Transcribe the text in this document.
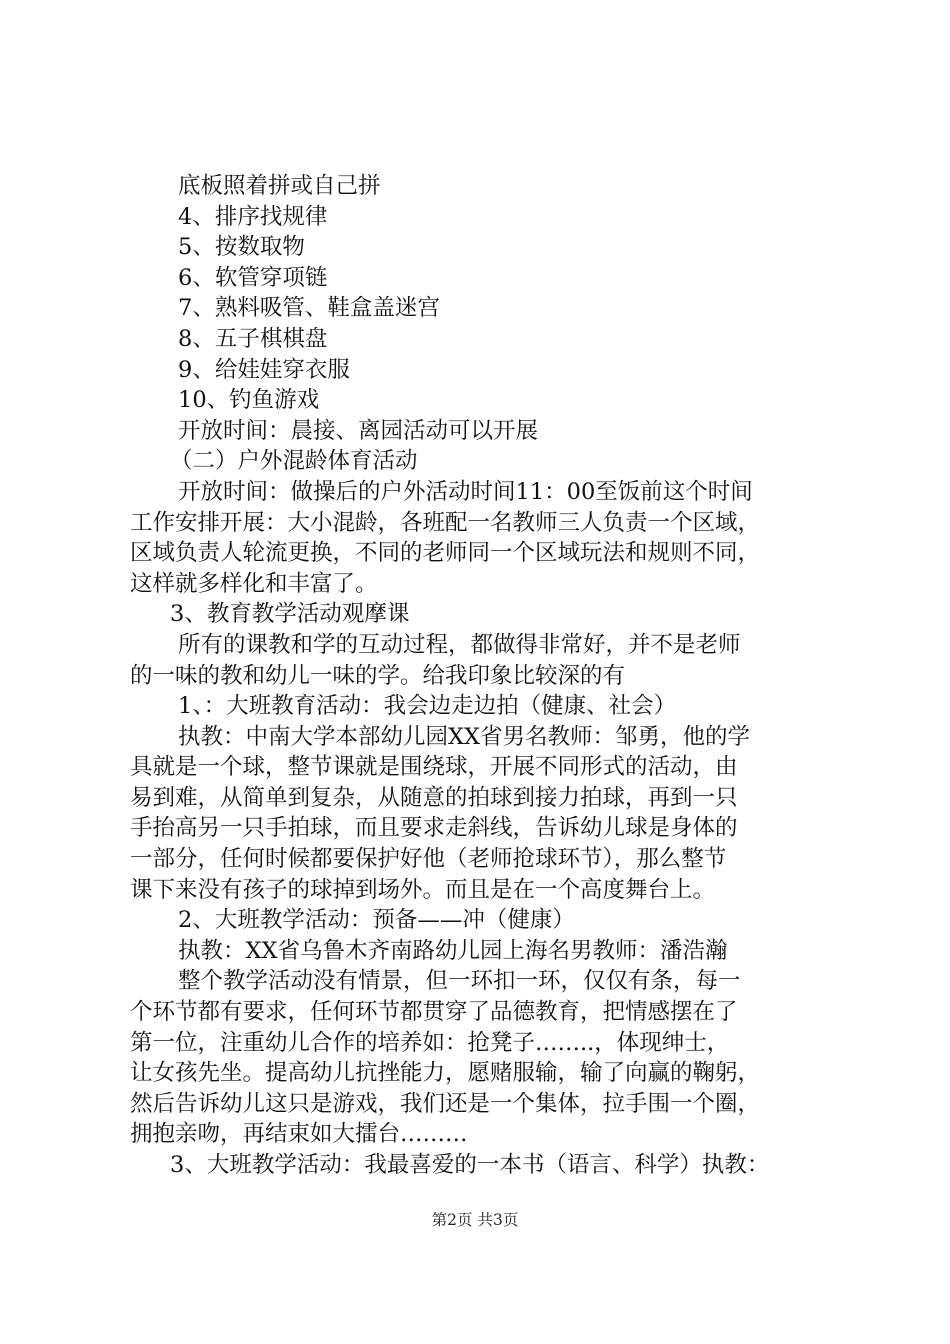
底板照着拼或自己拼
4、排序找规律
5、按数取物
6、软管穿项链
7、熟料吸管、鞋盒盖迷宫
8、五子棋棋盘
9、给娃娃穿衣服
10、钓鱼游戏
开放时间：晨接、离园活动可以开展
（二）户外混龄体育活动
开放时间：做操后的户外活动时间11：00至饭前这个时间
工作安排开展：大小混龄，各班配一名教师三人负责一个区域，
区域负责人轮流更换，不同的老师同一个区域玩法和规则不同，
这样就多样化和丰富了。
3、教育教学活动观摩课
所有的课教和学的互动过程，都做得非常好，并不是老师
的一味的教和幼儿一味的学。给我印象比较深的有
1、：大班教育活动：我会边走边拍（健康、社会）
执教：中南大学本部幼儿园XX省男名教师：邹勇，他的学
具就是一个球，整节课就是围绕球，开展不同形式的活动，由
易到难，从简单到复杂，从随意的拍球到接力拍球，再到一只
手抬高另一只手拍球，而且要求走斜线，告诉幼儿球是身体的
一部分，任何时候都要保护好他（老师抢球环节），那么整节
课下来没有孩子的球掉到场外。而且是在一个高度舞台上。
2、大班教学活动：预备——冲（健康）
执教：XX省乌鲁木齐南路幼儿园上海名男教师：潘浩瀚
整个教学活动没有情景，但一环扣一环，仅仅有条，每一
个环节都有要求，任何环节都贯穿了品德教育，把情感摆在了
第一位，注重幼儿合作的培养如：抢凳子……..，体现绅士，
让女孩先坐。提高幼儿抗挫能力，愿赌服输，输了向赢的鞠躬，
然后告诉幼儿这只是游戏，我们还是一个集体，拉手围一个圈，
拥抱亲吻，再结束如大擂台………
3、大班教学活动：我最喜爱的一本书（语言、科学）执教：
第2页 共3页
